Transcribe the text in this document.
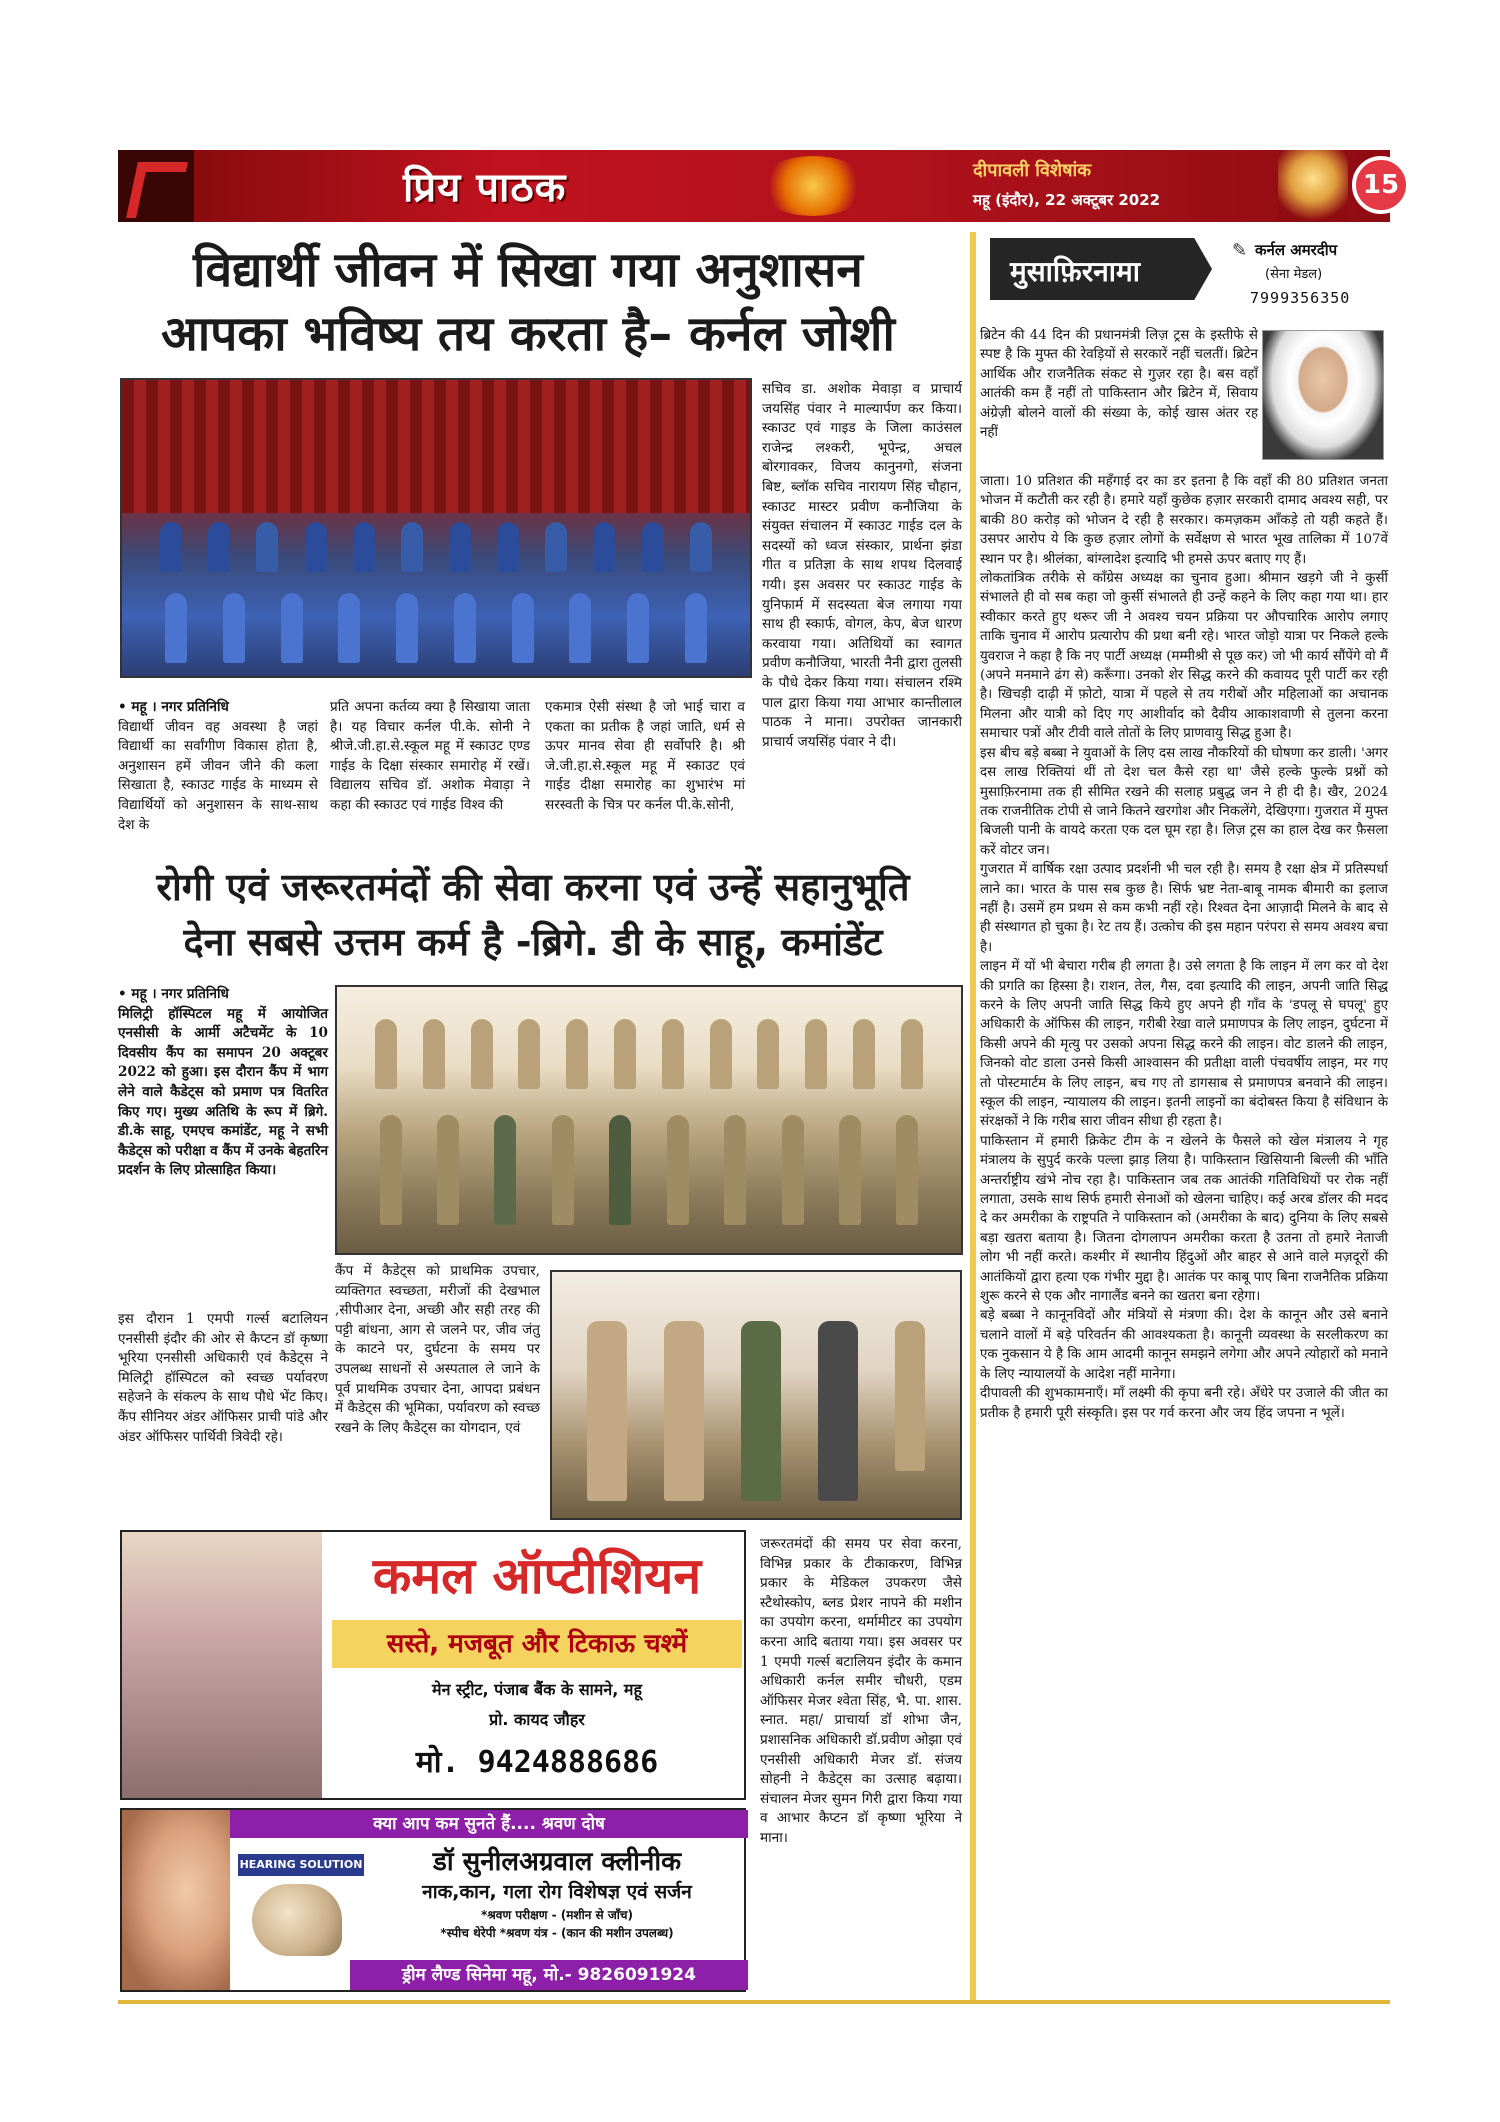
प्रिय पाठक	दीपावली विशेषांक
महू (इंदौर), 22 अक्टूबर 2022	15
विद्यार्थी जीवन में सिखा गया अनुशासन
आपका भविष्य तय करता है– कर्नल जोशी

• महू । नगर प्रतिनिधि

विद्यार्थी जीवन वह अवस्था है जहां विद्यार्थी का सर्वांगीण विकास होता है, अनुशासन हमें जीवन जीने की कला सिखाता है, स्काउट गाईड के माध्यम से विद्यार्थियों को अनुशासन के साथ-साथ देश के

प्रति अपना कर्तव्य क्या है सिखाया जाता है। यह विचार कर्नल पी.के. सोनी ने श्रीजे.जी.हा.से.स्कूल महू में स्काउट एण्ड गाईड के दिक्षा संस्कार समारोह में रखें। विद्यालय सचिव डॉ. अशोक मेवाड़ा ने कहा की स्काउट एवं गाईड विश्व की

एकमात्र ऐसी संस्था है जो भाई चारा व एकता का प्रतीक है जहां जाति, धर्म से ऊपर मानव सेवा ही सर्वोपरि है। श्री जे.जी.हा.से.स्कूल महू में स्काउट एवं गाईड दीक्षा समारोह का शुभारंभ मां सरस्वती के चित्र पर कर्नल पी.के.सोनी,

सचिव डा. अशोक मेवाड़ा व प्राचार्य जयसिंह पंवार ने माल्यार्पण कर किया। स्काउट एवं गाइड के जिला काउंसल राजेन्द्र लश्करी, भूपेन्द्र, अचल बोरगावकर, विजय कानुनगो, संजना बिष्ट, ब्लॉक सचिव नारायण सिंह चौहान, स्काउट मास्टर प्रवीण कनौजिया के संयुक्त संचालन में स्काउट गाईड दल के सदस्यों को ध्वज संस्कार, प्रार्थना झंडा गीत व प्रतिज्ञा के साथ शपथ दिलवाई गयी। इस अवसर पर स्काउट गाईड के युनिफार्म में सदस्यता बेज लगाया गया साथ ही स्कार्फ, वोगल, केप, बेज धारण करवाया गया। अतिथियों का स्वागत प्रवीण कनौजिया, भारती नैनी द्वारा तुलसी के पौधे देकर किया गया। संचालन रश्मि पाल द्वारा किया गया आभार कान्तीलाल पाठक ने माना। उपरोक्त जानकारी प्राचार्य जयसिंह पंवार ने दी।

रोगी एवं जरूरतमंदों की सेवा करना एवं उन्हें सहानुभूति
देना सबसे उत्तम कर्म है -ब्रिगे. डी के साहू, कमांडेंट

• महू । नगर प्रतिनिधि

मिलिट्री हॉस्पिटल महू में आयोजित एनसीसी के आर्मी अटैचमेंट के 10 दिवसीय कैंप का समापन 20 अक्टूबर 2022 को हुआ। इस दौरान कैंप में भाग लेने वाले कैडेट्स को प्रमाण पत्र वितरित किए गए। मुख्य अतिथि के रूप में ब्रिगे. डी.के साहू, एमएच कमांडेंट, महू ने सभी कैडेट्स को परीक्षा व कैंप में उनके बेहतरिन प्रदर्शन के लिए प्रोत्साहित किया।

इस दौरान 1 एमपी गर्ल्स बटालियन एनसीसी इंदौर की ओर से कैप्टन डॉ कृष्णा भूरिया एनसीसी अधिकारी एवं कैडेट्स ने मिलिट्री हॉस्पिटल को स्वच्छ पर्यावरण सहेजने के संकल्प के साथ पौधे भेंट किए। कैंप सीनियर अंडर ऑफिसर प्राची पांडे और अंडर ऑफिसर पार्थिवी त्रिवेदी रहे।

कैंप में कैडेट्स को प्राथमिक उपचार, व्यक्तिगत स्वच्छता, मरीजों की देखभाल ,सीपीआर देना, अच्छी और सही तरह की पट्टी बांधना, आग से जलने पर, जीव जंतु के काटने पर, दुर्घटना के समय पर उपलब्ध साधनों से अस्पताल ले जाने के पूर्व प्राथमिक उपचार देना, आपदा प्रबंधन में कैडेट्स की भूमिका, पर्यावरण को स्वच्छ रखने के लिए कैडेट्स का योगदान, एवं

जरूरतमंदों की समय पर सेवा करना, विभिन्न प्रकार के टीकाकरण, विभिन्न प्रकार के मेडिकल उपकरण जैसे स्टैथोस्कोप, ब्लड प्रेशर नापने की मशीन का उपयोग करना, थर्मामीटर का उपयोग करना आदि बताया गया। इस अवसर पर 1 एमपी गर्ल्स बटालियन इंदौर के कमान अधिकारी कर्नल समीर चौधरी, एडम ऑफिसर मेजर श्वेता सिंह, भै. पा. शास. स्नात. महा/ प्राचार्या डॉ शोभा जैन, प्रशासनिक अधिकारी डॉ.प्रवीण ओझा एवं एनसीसी अधिकारी मेजर डॉ. संजय सोहनी ने कैडेट्स का उत्साह बढ़ाया। संचालन मेजर सुमन गिरी द्वारा किया गया व आभार कैप्टन डॉ कृष्णा भूरिया ने माना।

मुसाफ़िरनामा
✎ कर्नल अमरदीप
(सेना मेडल)
7999356350

ब्रिटेन की 44 दिन की प्रधानमंत्री लिज़ ट्रस के इस्तीफे से स्पष्ट है कि मुफ्त की रेवड़ियों से सरकारें नहीं चलतीं। ब्रिटेन आर्थिक और राजनैतिक संकट से गुज़र रहा है। बस वहाँ आतंकी कम हैं नहीं तो पाकिस्तान और ब्रिटेन में, सिवाय अंग्रेज़ी बोलने वालों की संख्या के, कोई खास अंतर रह नहीं

जाता। 10 प्रतिशत की महँगाई दर का डर इतना है कि वहाँ की 80 प्रतिशत जनता भोजन में कटौती कर रही है। हमारे यहाँ कुछेक हज़ार सरकारी दामाद अवश्य सही, पर बाकी 80 करोड़ को भोजन दे रही है सरकार। कमज़कम आँकड़े तो यही कहते हैं। उसपर आरोप ये कि कुछ हज़ार लोगों के सर्वेक्षण से भारत भूख तालिका में 107वें स्थान पर है। श्रीलंका, बांग्लादेश इत्यादि भी हमसे ऊपर बताए गए हैं।

लोकतांत्रिक तरीके से कॉंग्रेस अध्यक्ष का चुनाव हुआ। श्रीमान खड़गे जी ने कुर्सी संभालते ही वो सब कहा जो कुर्सी संभालते ही उन्हें कहने के लिए कहा गया था। हार स्वीकार करते हुए थरूर जी ने अवश्य चयन प्रक्रिया पर औपचारिक आरोप लगाए ताकि चुनाव में आरोप प्रत्यारोप की प्रथा बनी रहे। भारत जोड़ो यात्रा पर निकले हल्के युवराज ने कहा है कि नए पार्टी अध्यक्ष (मम्मीश्री से पूछ कर) जो भी कार्य सौंपेंगे वो मैं (अपने मनमाने ढंग से) करूँगा। उनको शेर सिद्ध करने की कवायद पूरी पार्टी कर रही है। खिचड़ी दाढ़ी में फ़ोटो, यात्रा में पहले से तय गरीबों और महिलाओं का अचानक मिलना और यात्री को दिए गए आशीर्वाद को दैवीय आकाशवाणी से तुलना करना समाचार पत्रों और टीवी वाले तोतों के लिए प्राणवायु सिद्ध हुआ है।

इस बीच बड़े बब्बा ने युवाओं के लिए दस लाख नौकरियों की घोषणा कर डाली। 'अगर दस लाख रिक्तियां थीं तो देश चल कैसे रहा था' जैसे हल्के फुल्के प्रश्नों को मुसाफ़िरनामा तक ही सीमित रखने की सलाह प्रबुद्ध जन ने ही दी है। खैर, 2024 तक राजनीतिक टोपी से जाने कितने खरगोश और निकलेंगे, देखिएगा। गुजरात में मुफ्त बिजली पानी के वायदे करता एक दल घूम रहा है। लिज़ ट्रस का हाल देख कर फ़ैसला करें वोटर जन।

गुजरात में वार्षिक रक्षा उत्पाद प्रदर्शनी भी चल रही है। समय है रक्षा क्षेत्र में प्रतिस्पर्धा लाने का। भारत के पास सब कुछ है। सिर्फ भ्रष्ट नेता-बाबू नामक बीमारी का इलाज नहीं है। उसमें हम प्रथम से कम कभी नहीं रहे। रिश्वत देना आज़ादी मिलने के बाद से ही संस्थागत हो चुका है। रेट तय हैं। उत्कोच की इस महान परंपरा से समय अवश्य बचा है।

लाइन में यों भी बेचारा गरीब ही लगता है। उसे लगता है कि लाइन में लग कर वो देश की प्रगति का हिस्सा है। राशन, तेल, गैस, दवा इत्यादि की लाइन, अपनी जाति सिद्ध करने के लिए अपनी जाति सिद्ध किये हुए अपने ही गाँव के 'डपलू से घपलू' हुए अधिकारी के ऑफिस की लाइन, गरीबी रेखा वाले प्रमाणपत्र के लिए लाइन, दुर्घटना में किसी अपने की मृत्यु पर उसको अपना सिद्ध करने की लाइन। वोट डालने की लाइन, जिनको वोट डाला उनसे किसी आश्वासन की प्रतीक्षा वाली पंचवर्षीय लाइन, मर गए तो पोस्टमार्टम के लिए लाइन, बच गए तो डागसाब से प्रमाणपत्र बनवाने की लाइन। स्कूल की लाइन, न्यायालय की लाइन। इतनी लाइनों का बंदोबस्त किया है संविधान के संरक्षकों ने कि गरीब सारा जीवन सीधा ही रहता है।

पाकिस्तान में हमारी क्रिकेट टीम के न खेलने के फैसले को खेल मंत्रालय ने गृह मंत्रालय के सुपुर्द करके पल्ला झाड़ लिया है। पाकिस्तान खिसियानी बिल्ली की भाँति अन्तर्राष्ट्रीय खंभे नोच रहा है। पाकिस्तान जब तक आतंकी गतिविधियों पर रोक नहीं लगाता, उसके साथ सिर्फ हमारी सेनाओं को खेलना चाहिए। कई अरब डॉलर की मदद दे कर अमरीका के राष्ट्रपति ने पाकिस्तान को (अमरीका के बाद) दुनिया के लिए सबसे बड़ा खतरा बताया है। जितना दोगलापन अमरीका करता है उतना तो हमारे नेताजी लोग भी नहीं करते। कश्मीर में स्थानीय हिंदुओं और बाहर से आने वाले मज़दूरों की आतंकियों द्वारा हत्या एक गंभीर मुद्दा है। आतंक पर काबू पाए बिना राजनैतिक प्रक्रिया शुरू करने से एक और नागालैंड बनने का खतरा बना रहेगा।

बड़े बब्बा ने कानूनविदों और मंत्रियों से मंत्रणा की। देश के कानून और उसे बनाने चलाने वालों में बड़े परिवर्तन की आवश्यकता है। कानूनी व्यवस्था के सरलीकरण का एक नुकसान ये है कि आम आदमी कानून समझने लगेगा और अपने त्योहारों को मनाने के लिए न्यायालयों के आदेश नहीं मानेगा।

दीपावली की शुभकामनाएँ। माँ लक्ष्मी की कृपा बनी रहे। अँधेरे पर उजाले की जीत का प्रतीक है हमारी पूरी संस्कृति। इस पर गर्व करना और जय हिंद जपना न भूलें।

कमल ऑप्टीशियन
सस्ते, मजबूत और टिकाऊ चश्में
मेन स्ट्रीट, पंजाब बैंक के सामने, महू
प्रो. कायद जौहर
मो. 9424888686
क्या आप कम सुनते हैं.... श्रवण दोष
HEARING SOLUTION	डॉ सुनीलअग्रवाल क्लीनीक
नाक,कान, गला रोग विशेषज्ञ एवं सर्जन
*श्रवण परीक्षण - (मशीन से जाँच)
*स्पीच थेरेपी *श्रवण यंत्र - (कान की मशीन उपलब्ध)
ड्रीम लैण्ड सिनेमा महू, मो.- 9826091924
